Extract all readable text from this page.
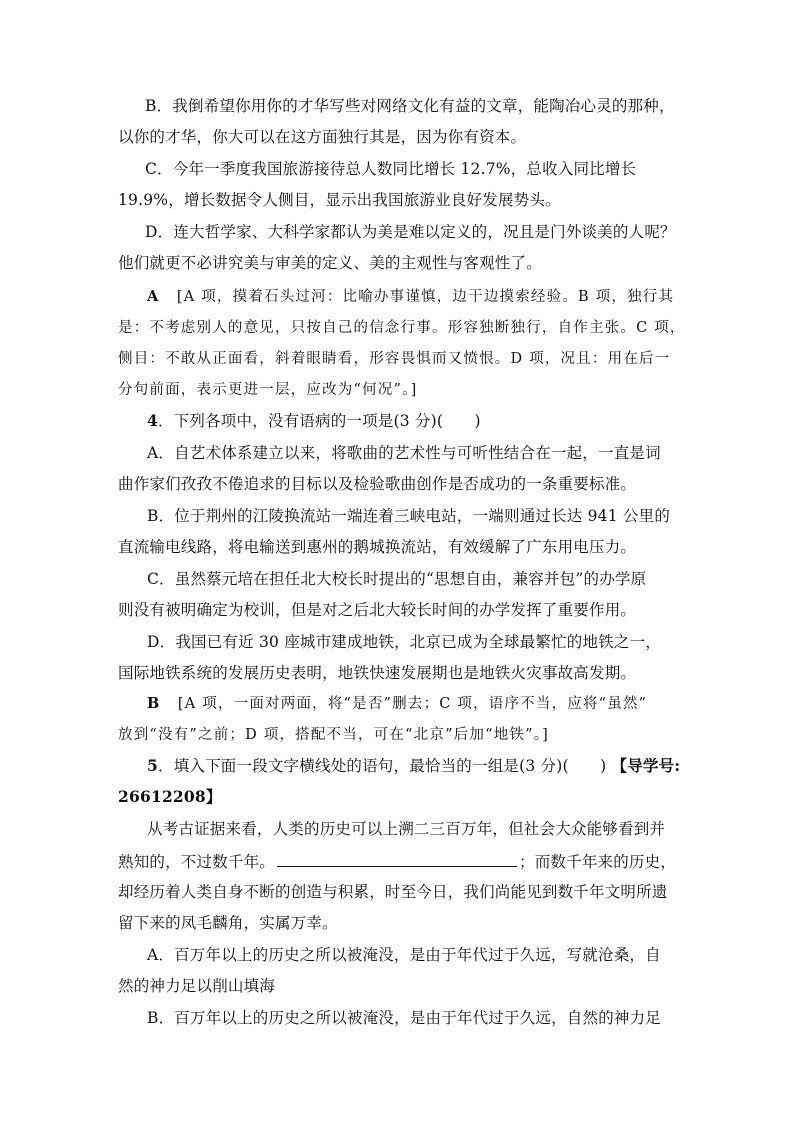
B．我倒希望你用你的才华写些对网络文化有益的文章，能陶冶心灵的那种，
以你的才华，你大可以在这方面独行其是，因为你有资本。
C．今年一季度我国旅游接待总人数同比增长 12.7%，总收入同比增长
19.9%，增长数据令人侧目，显示出我国旅游业良好发展势头。
D．连大哲学家、大科学家都认为美是难以定义的，况且是门外谈美的人呢？
他们就更不必讲究美与审美的定义、美的主观性与客观性了。
A [A 项，摸着石头过河：比喻办事谨慎，边干边摸索经验。B 项，独行其
是：不考虑别人的意见，只按自己的信念行事。形容独断独行，自作主张。C 项，
侧目：不敢从正面看，斜着眼睛看，形容畏惧而又愤恨。D 项，况且：用在后一
分句前面，表示更进一层，应改为“何况”。]
4．下列各项中，没有语病的一项是(3 分)(　　)
A．自艺术体系建立以来，将歌曲的艺术性与可听性结合在一起，一直是词
曲作家们孜孜不倦追求的目标以及检验歌曲创作是否成功的一条重要标准。
B．位于荆州的江陵换流站一端连着三峡电站，一端则通过长达 941 公里的
直流输电线路，将电输送到惠州的鹅城换流站，有效缓解了广东用电压力。
C．虽然蔡元培在担任北大校长时提出的“思想自由，兼容并包”的办学原
则没有被明确定为校训，但是对之后北大较长时间的办学发挥了重要作用。
D．我国已有近 30 座城市建成地铁，北京已成为全球最繁忙的地铁之一，
国际地铁系统的发展历史表明，地铁快速发展期也是地铁火灾事故高发期。
B [A 项，一面对两面，将“是否”删去；C 项，语序不当，应将“虽然”
放到“没有”之前；D 项，搭配不当，可在“北京”后加“地铁”。]
5．填入下面一段文字横线处的语句，最恰当的一组是(3 分)(　　) 【导学号:
26612208】
从考古证据来看，人类的历史可以上溯二三百万年，但社会大众能够看到并
熟知的，不过数千年。	；而数千年来的历史，
却经历着人类自身不断的创造与积累，时至今日，我们尚能见到数千年文明所遗
留下来的凤毛麟角，实属万幸。
A．百万年以上的历史之所以被淹没，是由于年代过于久远，写就沧桑，自
然的神力足以削山填海
B．百万年以上的历史之所以被淹没，是由于年代过于久远，自然的神力足
